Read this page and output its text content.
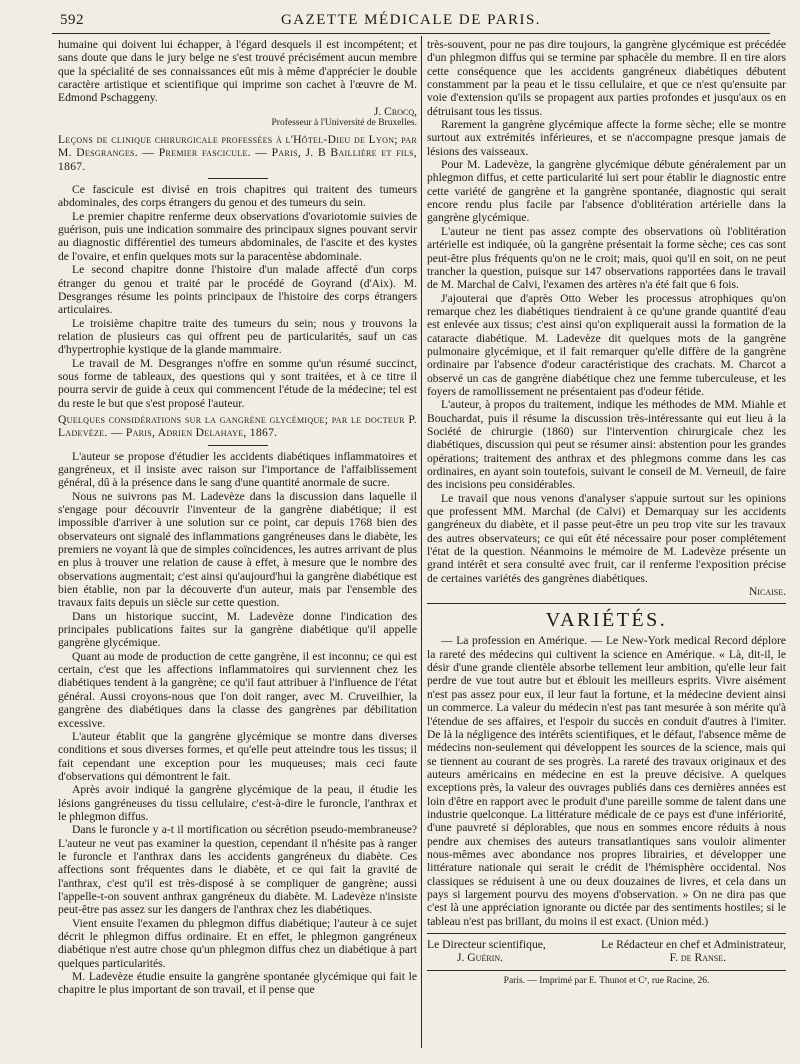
592	GAZETTE MÉDICALE DE PARIS.

humaine qui doivent lui échapper, à l'égard desquels il est incompétent; et sans doute que dans le jury belge ne s'est trouvé précisément aucun membre que la spécialité de ses connaissances eût mis à même d'apprécier le double caractère artistique et scientifique qui imprime son cachet à l'œuvre de M. Edmond Pschaggeny.

J. Crocq,

Professeur à l'Université de Bruxelles.

Leçons de clinique chirurgicale professées à l'Hôtel-Dieu de Lyon; par M. Desgranges. — Premier fascicule. — Paris, J. B Baillière et fils, 1867.

Ce fascicule est divisé en trois chapitres qui traitent des tumeurs abdominales, des corps étrangers du genou et des tumeurs du sein.

Le premier chapitre renferme deux observations d'ovariotomie suivies de guérison, puis une indication sommaire des principaux signes pouvant servir au diagnostic différentiel des tumeurs abdominales, de l'ascite et des kystes de l'ovaire, et enfin quelques mots sur la paracentèse abdominale.

Le second chapitre donne l'histoire d'un malade affecté d'un corps étranger du genou et traité par le procédé de Goyrand (d'Aix). M. Desgranges résume les points principaux de l'histoire des corps étrangers articulaires.

Le troisième chapitre traite des tumeurs du sein; nous y trouvons la relation de plusieurs cas qui offrent peu de particularités, sauf un cas d'hypertrophie kystique de la glande mammaire.

Le travail de M. Desgranges n'offre en somme qu'un résumé succinct, sous forme de tableaux, des questions qui y sont traitées, et à ce titre il pourra servir de guide à ceux qui commencent l'étude de la médecine; tel est du reste le but que s'est proposé l'auteur.

Quelques considérations sur la gangrène glycémique; par le docteur P. Ladevèze. — Paris, Adrien Delahaye, 1867.

L'auteur se propose d'étudier les accidents diabétiques inflammatoires et gangréneux, et il insiste avec raison sur l'importance de l'affaiblissement général, dû à la présence dans le sang d'une quantité anormale de sucre.

Nous ne suivrons pas M. Ladevèze dans la discussion dans laquelle il s'engage pour découvrir l'inventeur de la gangrène diabétique; il est impossible d'arriver à une solution sur ce point, car depuis 1768 bien des observateurs ont signalé des inflammations gangréneuses dans le diabète, les premiers ne voyant là que de simples coïncidences, les autres arrivant de plus en plus à trouver une relation de cause à effet, à mesure que le nombre des observations augmentait; c'est ainsi qu'aujourd'hui la gangrène diabétique est bien établie, non par la découverte d'un auteur, mais par l'ensemble des travaux faits depuis un siècle sur cette question.

Dans un historique succint, M. Ladevèze donne l'indication des principales publications faites sur la gangrène diabétique qu'il appelle gangrène glycémique.

Quant au mode de production de cette gangrène, il est inconnu; ce qui est certain, c'est que les affections inflammatoires qui surviennent chez les diabétiques tendent à la gangrène; ce qu'il faut attribuer à l'influence de l'état général. Aussi croyons-nous que l'on doit ranger, avec M. Cruveilhier, la gangrène des diabétiques dans la classe des gangrènes par débilitation excessive.

L'auteur établit que la gangrène glycémique se montre dans diverses conditions et sous diverses formes, et qu'elle peut atteindre tous les tissus; il fait cependant une exception pour les muqueuses; mais ceci faute d'observations qui démontrent le fait.

Après avoir indiqué la gangrène glycémique de la peau, il étudie les lésions gangréneuses du tissu cellulaire, c'est-à-dire le furoncle, l'anthrax et le phlegmon diffus.

Dans le furoncle y a-t il mortification ou sécrétion pseudo-membraneuse? L'auteur ne veut pas examiner la question, cependant il n'hésite pas à ranger le furoncle et l'anthrax dans les accidents gangréneux du diabète. Ces affections sont fréquentes dans le diabète, et ce qui fait la gravité de l'anthrax, c'est qu'il est très-disposé à se compliquer de gangrène; aussi l'appelle-t-on souvent anthrax gangréneux du diabète. M. Ladevèze n'insiste peut-être pas assez sur les dangers de l'anthrax chez les diabétiques.

Vient ensuite l'examen du phlegmon diffus diabétique; l'auteur à ce sujet décrit le phlegmon diffus ordinaire. Et en effet, le phlegmon gangréneux diabétique n'est autre chose qu'un phlegmon diffus chez un diabétique à part quelques particularités.

M. Ladevèze étudie ensuite la gangrène spontanée glycémique qui fait le chapitre le plus important de son travail, et il pense que

très-souvent, pour ne pas dire toujours, la gangrène glycémique est précédée d'un phlegmon diffus qui se termine par sphacèle du membre. Il en tire alors cette conséquence que les accidents gangréneux diabétiques débutent constamment par la peau et le tissu cellulaire, et que ce n'est qu'ensuite par voie d'extension qu'ils se propagent aux parties profondes et jusqu'aux os en détruisant tous les tissus.

Rarement la gangrène glycémique affecte la forme sèche; elle se montre surtout aux extrémités inférieures, et se n'accompagne presque jamais de lésions des vaisseaux.

Pour M. Ladevèze, la gangrène glycémique débute généralement par un phlegmon diffus, et cette particularité lui sert pour établir le diagnostic entre cette variété de gangrène et la gangrène spontanée, diagnostic qui serait encore rendu plus facile par l'absence d'oblitération artérielle dans la gangrène glycémique.

L'auteur ne tient pas assez compte des observations où l'oblitération artérielle est indiquée, où la gangrène présentait la forme sèche; ces cas sont peut-être plus fréquents qu'on ne le croit; mais, quoi qu'il en soit, on ne peut trancher la question, puisque sur 147 observations rapportées dans le travail de M. Marchal de Calvi, l'examen des artères n'a été fait que 6 fois.

J'ajouterai que d'après Otto Weber les processus atrophiques qu'on remarque chez les diabétiques tiendraient à ce qu'une grande quantité d'eau est enlevée aux tissus; c'est ainsi qu'on expliquerait aussi la formation de la cataracte diabétique. M. Ladevèze dit quelques mots de la gangrène pulmonaire glycémique, et il fait remarquer qu'elle diffère de la gangrène ordinaire par l'absence d'odeur caractéristique des crachats. M. Charcot a observé un cas de gangrène diabétique chez une femme tuberculeuse, et les foyers de ramollissement ne présentaient pas d'odeur fétide.

L'auteur, à propos du traitement, indique les méthodes de MM. Miahle et Bouchardat, puis il résume la discussion très-intéressante qui eut lieu à la Société de chirurgie (1860) sur l'intervention chirurgicale chez les diabétiques, discussion qui peut se résumer ainsi: abstention pour les grandes opérations; traitement des anthrax et des phlegmons comme dans les cas ordinaires, en ayant soin toutefois, suivant le conseil de M. Verneuil, de faire des incisions peu considérables.

Le travail que nous venons d'analyser s'appuie surtout sur les opinions que professent MM. Marchal (de Calvi) et Demarquay sur les accidents gangréneux du diabète, et il passe peut-être un peu trop vite sur les travaux des autres observateurs; ce qui eût été nécessaire pour poser complétement l'état de la question. Néanmoins le mémoire de M. Ladevèze présente un grand intérêt et sera consulté avec fruit, car il renferme l'exposition précise de certaines variétés des gangrènes diabétiques.

Nicaise.

VARIÉTÉS.

— La profession en Amérique. — Le New-York medical Record déplore la rareté des médecins qui cultivent la science en Amérique. « Là, dit-il, le désir d'une grande clientèle absorbe tellement leur ambition, qu'elle leur fait perdre de vue tout autre but et éblouit les meilleurs esprits. Vivre aisément n'est pas assez pour eux, il leur faut la fortune, et la médecine devient ainsi un commerce. La valeur du médecin n'est pas tant mesurée à son mérite qu'à l'étendue de ses affaires, et l'espoir du succès en conduit d'autres à l'imiter. De là la négligence des intérêts scientifiques, et le défaut, l'absence même de médecins non-seulement qui développent les sources de la science, mais qui se tiennent au courant de ses progrès. La rareté des travaux originaux et des auteurs américains en médecine en est la preuve décisive. A quelques exceptions près, la valeur des ouvrages publiés dans ces dernières années est loin d'être en rapport avec le produit d'une pareille somme de talent dans une industrie quelconque. La littérature médicale de ce pays est d'une infériorité, d'une pauvreté si déplorables, que nous en sommes encore réduits à nous pendre aux chemises des auteurs transatlantiques sans vouloir alimenter nous-mêmes avec abondance nos propres librairies, et développer une littérature nationale qui serait le crédit de l'hémisphère occidental. Nos classiques se réduisent à une ou deux douzaines de livres, et cela dans un pays si largement pourvu des moyens d'observation. » On ne dira pas que c'est là une appréciation ignorante ou dictée par des sentiments hostiles; si le tableau n'est pas brillant, du moins il est exact. (Union méd.)

Le Directeur scientifique,	Le Rédacteur en chef et Administrateur,
J. Guérin.	F. de Ranse.

Paris. — Imprimé par E. Thunot et Cᵉ, rue Racine, 26.
